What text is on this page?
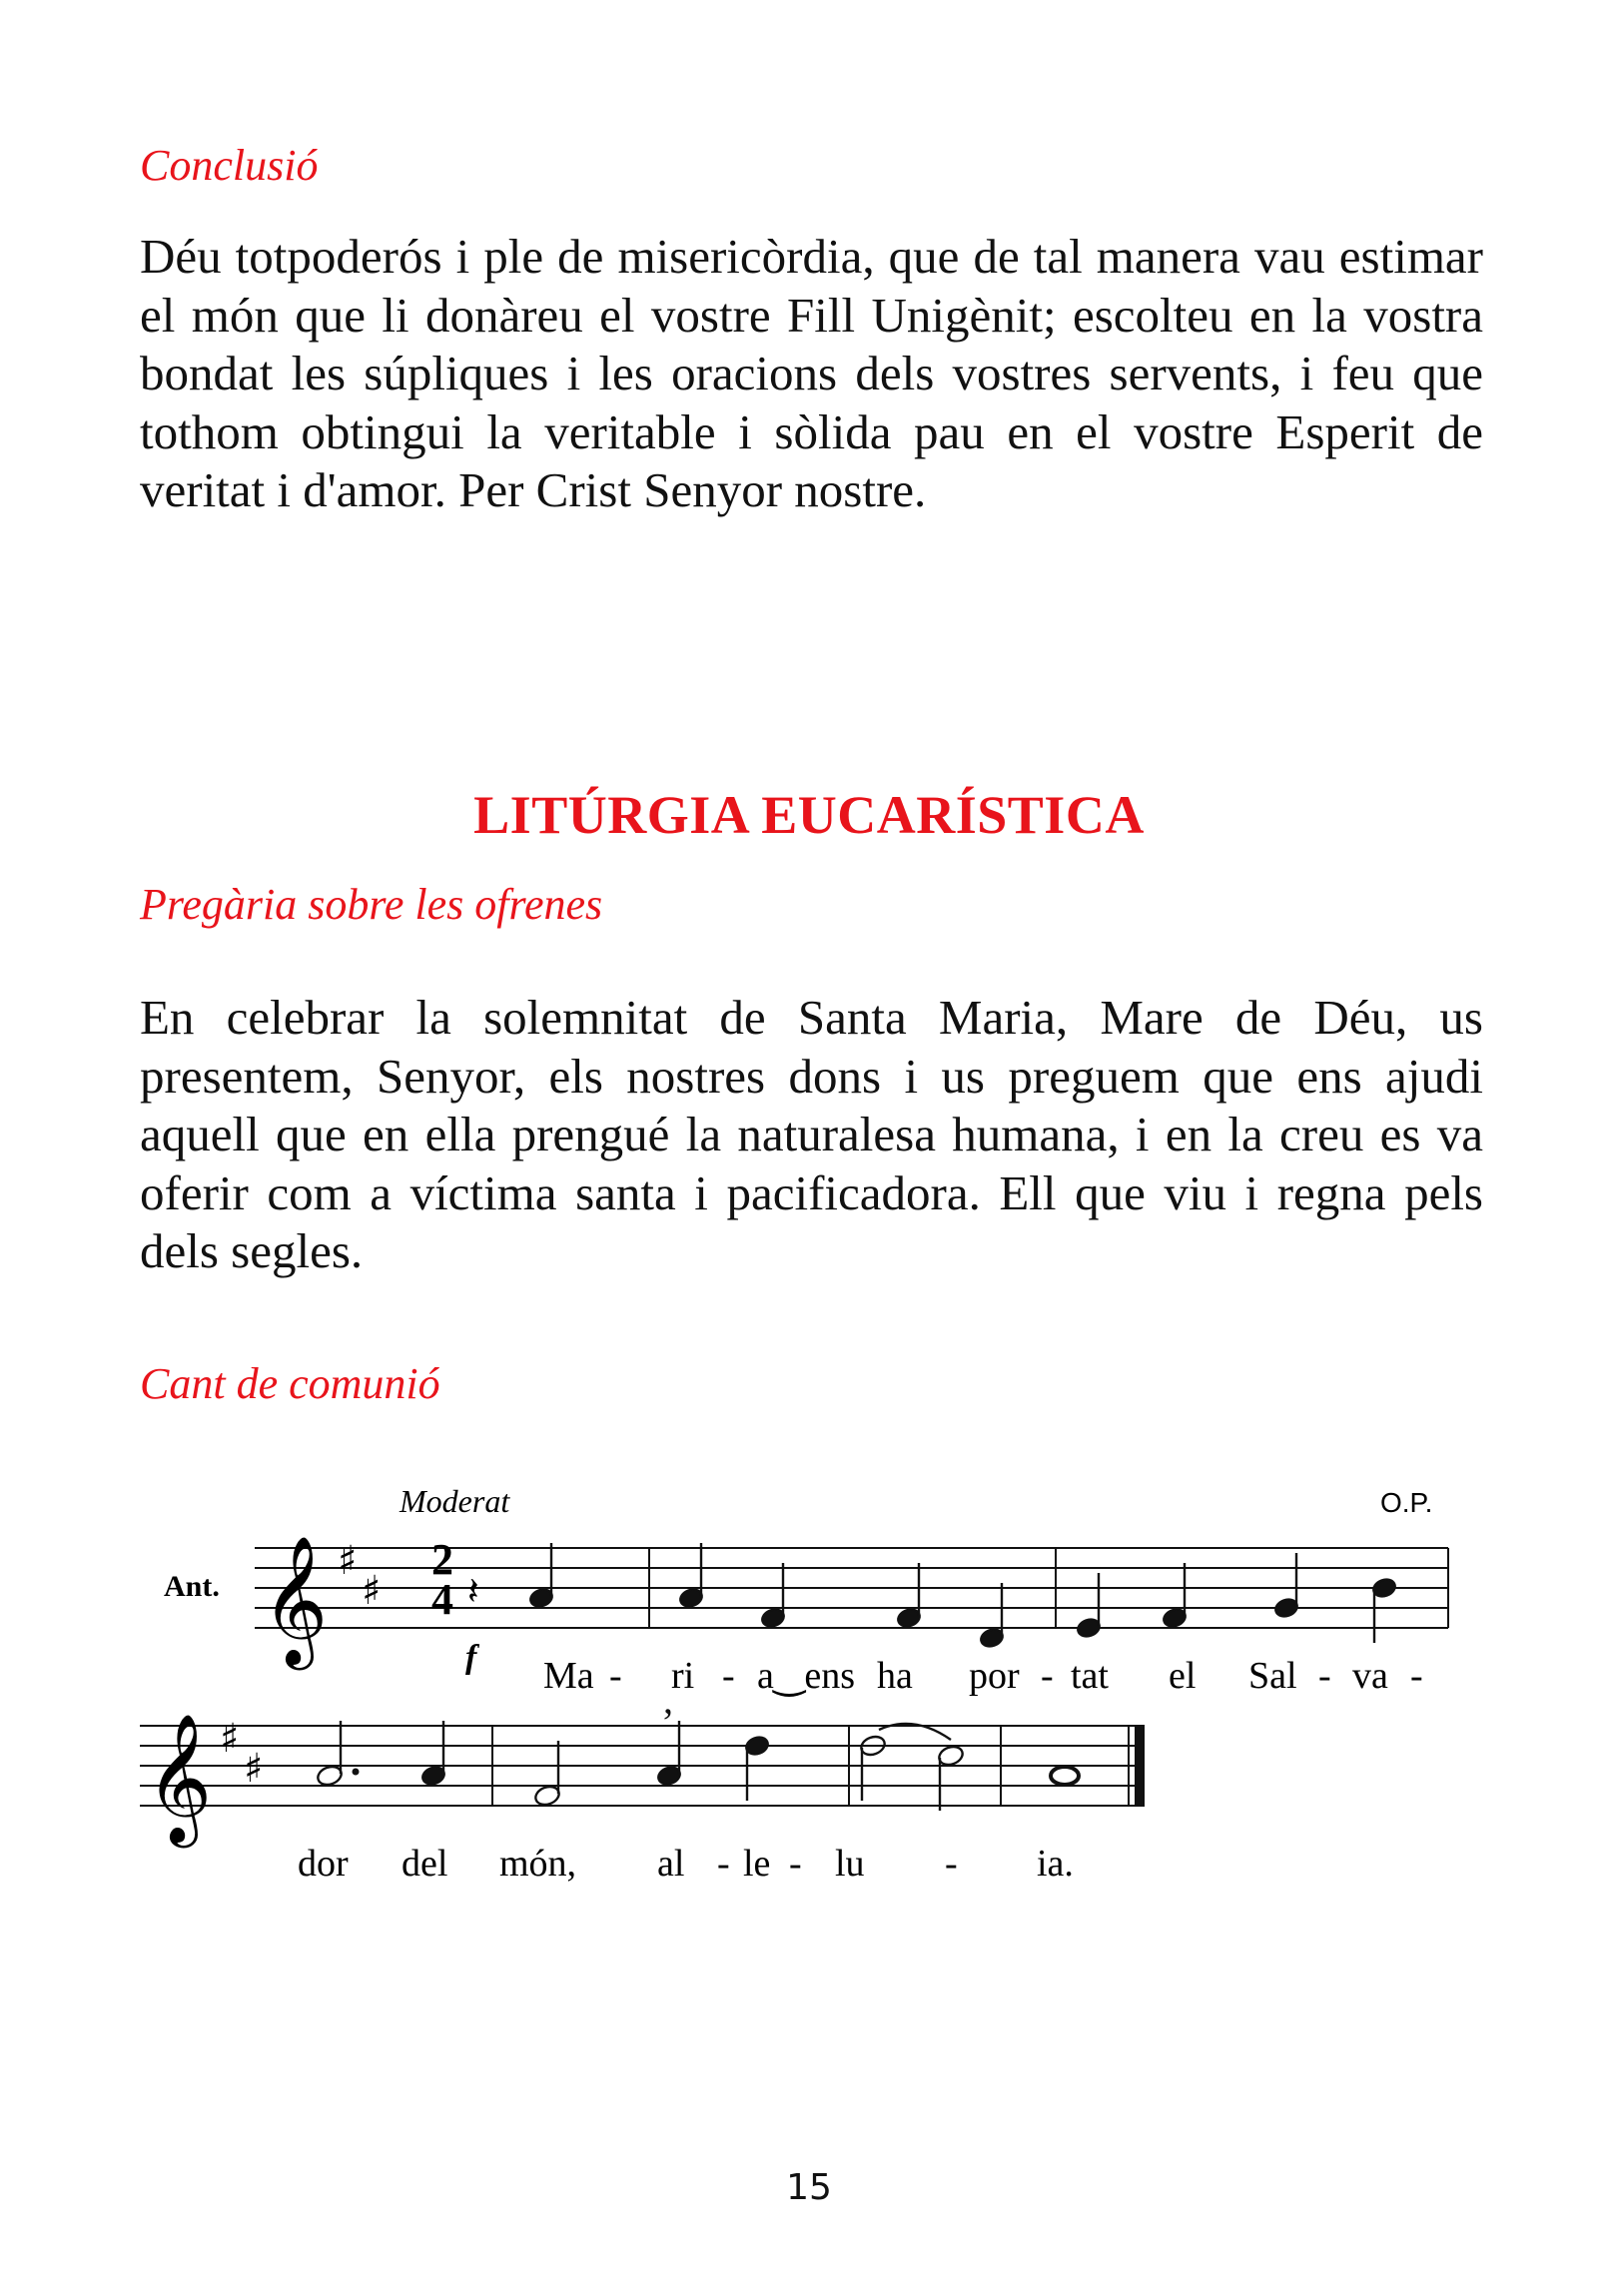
Conclusió

Déu totpoderós i ple de misericòrdia, que de tal manera vau estimar el món que li donàreu el vostre Fill Unigènit; escolteu en la vostra bondat les súpliques i les oracions dels vostres servents, i feu que tothom obtingui la veritable i sòlida pau en el vostre Esperit de veritat i d'amor. Per Crist Senyor nostre.

LITÚRGIA EUCARÍSTICA
Pregària sobre les ofrenes

En celebrar la solemnitat de Santa Maria, Mare de Déu, us presentem, Senyor, els nostres dons i us preguem que ens ajudi aquell que en ella prengué la naturalesa humana, i en la creu es va oferir com a víctima santa i pacificadora. Ell que viu i regna pels dels segles.

Cant de comunió
Moderat	O.P.
Ant. 𝄞 ♯
♯
2
4 𝄽
f Ma - ri - a‿ens ha por - tat el Sal - va -
𝄞 ♯
♯
’
dor del món, al - le - lu - ia.
15
